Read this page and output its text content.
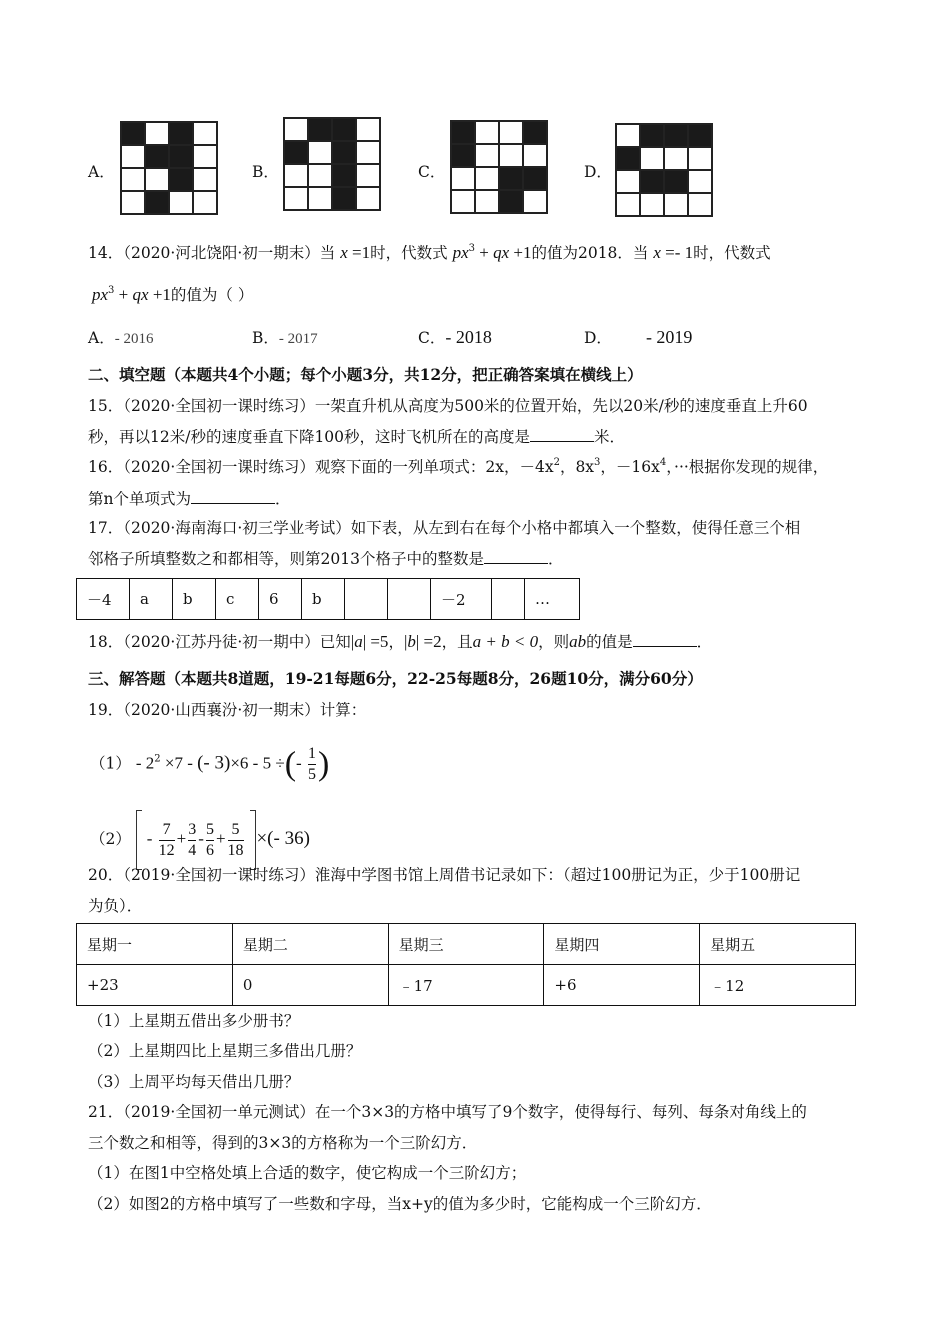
A．

				B．

				C．

				D．

14．（2020·河北饶阳·初一期末）当 x =1时，代数式 $px^3$ + qx +1的值为2018．当 x =- 1时，代数式
$px^3$ + qx +1的值为（ ）
A．- 2016	B．- 2017	C．- 2018	D． - 2019
二、填空题（本题共4个小题；每个小题3分，共12分，把正确答案填在横线上）
15．（2020·全国初一课时练习）一架直升机从高度为500米的位置开始，先以20米/秒的速度垂直上升60
秒，再以12米/秒的速度垂直下降100秒，这时飞机所在的高度是	米．
16．（2020·全国初一课时练习）观察下面的一列单项式：2x，$-4x^2$，$8x^3$，$-16x^4$，···根据你发现的规律，
第n个单项式为	．
17．（2020·海南海口·初三学业考试）如下表，从左到右在每个小格中都填入一个整数，使得任意三个相
邻格子所填整数之和都相等，则第2013个格子中的整数是	．
－4	a	b	c	6	b			－2		…
18．（2020·江苏丹徒·初一期中）已知|a| =5，|b| =2，且a + b < 0，则ab的值是	．
三、解答题（本题共8道题，19-21每题6分，22-25每题8分，26题10分，满分60分）
19．（2020·山西襄汾·初一期末）计算：
$(1) - 2^2 \times 7$ - (- 3)×6 - 5 ÷(- $\frac{1}{5}$ )
$(2) - \frac{7}{12} + \frac{3}{4} - \frac{5}{6} + \frac{5}{18}$ ×(- 36)
20．（2019·全国初一课时练习）淮海中学图书馆上周借书记录如下：（超过100册记为正，少于100册记
为负）．
星期一	星期二	星期三	星期四	星期五
+23	0	﹣17	+6	﹣12
（1）上星期五借出多少册书？
（2）上星期四比上星期三多借出几册？
（3）上周平均每天借出几册？
21．（2019·全国初一单元测试）在一个3×3的方格中填写了9个数字，使得每行、每列、每条对角线上的
三个数之和相等，得到的3×3的方格称为一个三阶幻方．
（1）在图1中空格处填上合适的数字，使它构成一个三阶幻方；
（2）如图2的方格中填写了一些数和字母，当x+y的值为多少时，它能构成一个三阶幻方．
